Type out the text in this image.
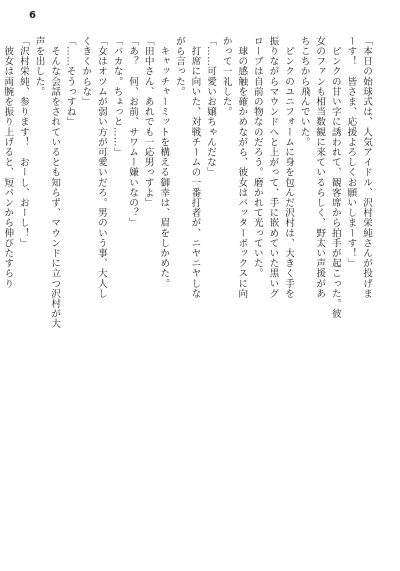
6
「本日の始球式は、人気アイドル、沢村栄純さんが投げま
ーす！　皆さま、応援よろしくお願いしまーす！」
　ピンクの甘い字に誘われて、観客席から拍手が起こった。彼
女のファンも相当数観に来ているらしく、野太い声援があ
ちこちから飛んでいた。
　ピンクのユニフォームに身を包んだ沢村は、大きく手を
振りながらマウンドへと上がって、手に嵌めていた黒いグ
ローブは自前の物なのだろう。磨かれて光っていた。
　球の感触を確かめながら、彼女はバッターボックスに向
かって一礼した。
「……可愛いお嬢ちゃんだな」
　打席に向いた、対戦チームの一番打者が、ニヤニヤしな
がら言った。
　キャッチャーミットを構える御幸は、眉をしかめた。
「田中さん、あれでも一応男っすよ」
「あ？　何、お前、サワムー嫌いなの？」
「バカな。ちょっと……」
「女はオツムが弱い方が可愛いだろ。男のいう事、大人し
くきくからな」
「……そうっすね」
　そんな会話をされているとも知らず、マウンドに立つ沢村が大
声を出した。
「沢村栄純、参ります！　おーし、おーし！」
　彼女は両腕を振り上げると、短パンから伸びたすらり
